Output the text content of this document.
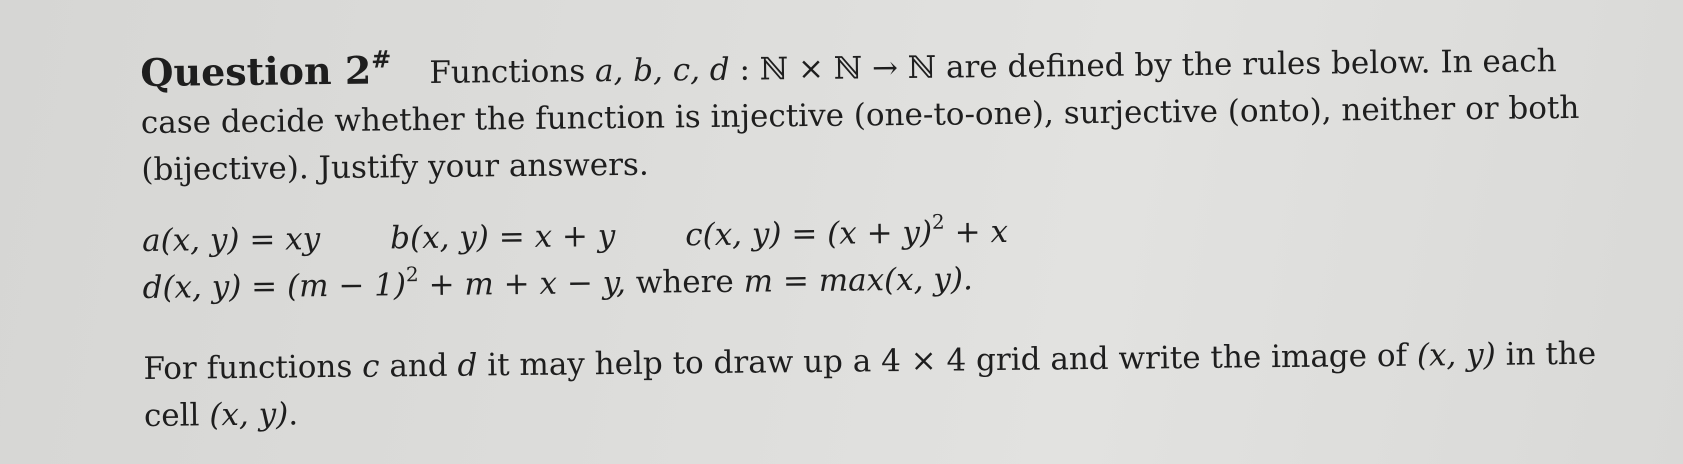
Question 2# Functions a, b, c, d : ℕ × ℕ → ℕ are defined by the rules below. In each case decide whether the function is injective (one-to-one), surjective (onto), neither or both (bijective). Justify your answers.

a(x, y) = xy b(x, y) = x + y c(x, $y) = (x + y)^2 + x$

d(x, $y) = (m - 1)^2 + m + x - y$, where m = max(x, y).

For functions c and d it may help to draw up a 4 × 4 grid and write the image of (x, y) in the cell (x, y).
